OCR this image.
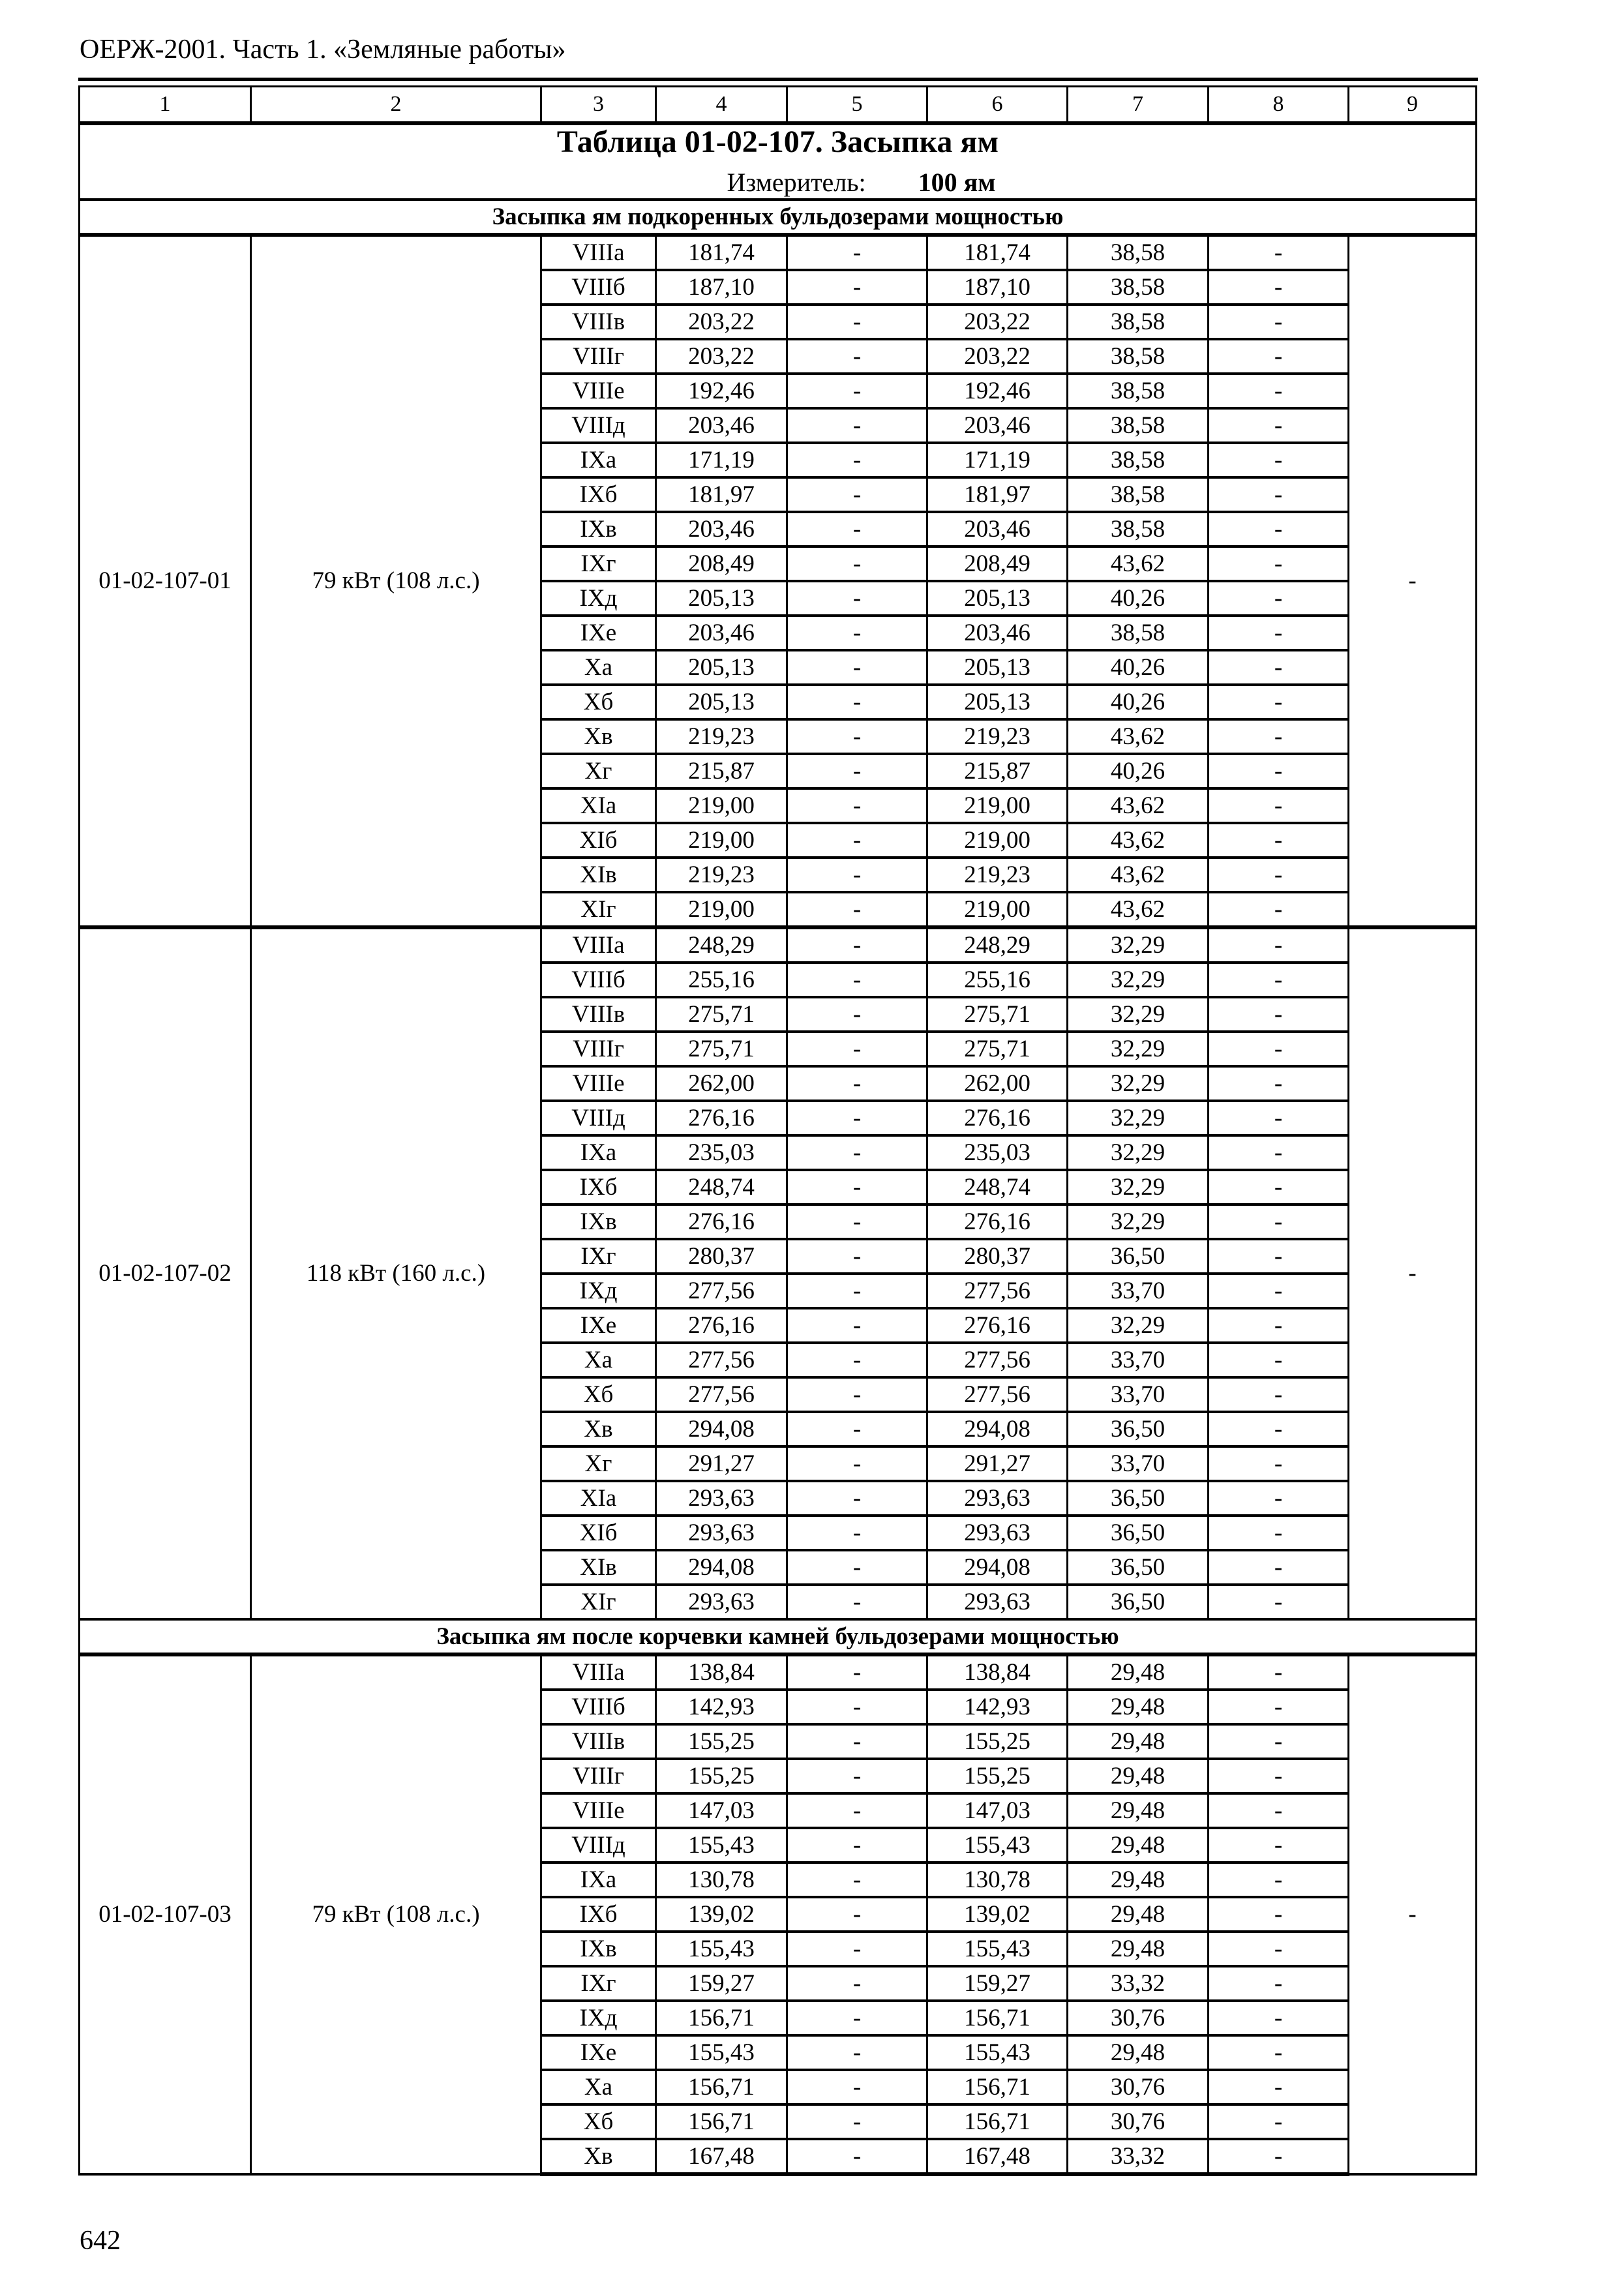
ОЕРЖ-2001. Часть 1. «Земляные работы»
1	2	3	4	5	6	7	8	9

Таблица 01-02-107. Засыпка ям
Измеритель: 100 ям								

Засыпка ям подкоренных бульдозерами мощностью								
01-02-107-01	79 кВт (108 л.с.)	VIIIа	181,74	-	181,74	38,58	-	-
		VIIIб	187,10	-	187,10	38,58	-	
		VIIIв	203,22	-	203,22	38,58	-	
		VIIIг	203,22	-	203,22	38,58	-	
		VIIIе	192,46	-	192,46	38,58	-	
		VIIIд	203,46	-	203,46	38,58	-	
		IXа	171,19	-	171,19	38,58	-	
		IXб	181,97	-	181,97	38,58	-	
		IXв	203,46	-	203,46	38,58	-	
		IXг	208,49	-	208,49	43,62	-	
		IXд	205,13	-	205,13	40,26	-	
		IXе	203,46	-	203,46	38,58	-	
		Xа	205,13	-	205,13	40,26	-	
		Xб	205,13	-	205,13	40,26	-	
		Xв	219,23	-	219,23	43,62	-	
		Xг	215,87	-	215,87	40,26	-	
		XIа	219,00	-	219,00	43,62	-	
		XIб	219,00	-	219,00	43,62	-	
		XIв	219,23	-	219,23	43,62	-	
		XIг	219,00	-	219,00	43,62	-	
01-02-107-02	118 кВт (160 л.с.)	VIIIа	248,29	-	248,29	32,29	-	-
		VIIIб	255,16	-	255,16	32,29	-	
		VIIIв	275,71	-	275,71	32,29	-	
		VIIIг	275,71	-	275,71	32,29	-	
		VIIIе	262,00	-	262,00	32,29	-	
		VIIIд	276,16	-	276,16	32,29	-	
		IXа	235,03	-	235,03	32,29	-	
		IXб	248,74	-	248,74	32,29	-	
		IXв	276,16	-	276,16	32,29	-	
		IXг	280,37	-	280,37	36,50	-	
		IXд	277,56	-	277,56	33,70	-	
		IXе	276,16	-	276,16	32,29	-	
		Xа	277,56	-	277,56	33,70	-	
		Xб	277,56	-	277,56	33,70	-	
		Xв	294,08	-	294,08	36,50	-	
		Xг	291,27	-	291,27	33,70	-	
		XIа	293,63	-	293,63	36,50	-	
		XIб	293,63	-	293,63	36,50	-	
		XIв	294,08	-	294,08	36,50	-	
		XIг	293,63	-	293,63	36,50	-	
Засыпка ям после корчевки камней бульдозерами мощностью								
01-02-107-03	79 кВт (108 л.с.)	VIIIа	138,84	-	138,84	29,48	-	-
		VIIIб	142,93	-	142,93	29,48	-	
		VIIIв	155,25	-	155,25	29,48	-	
		VIIIг	155,25	-	155,25	29,48	-	
		VIIIе	147,03	-	147,03	29,48	-	
		VIIIд	155,43	-	155,43	29,48	-	
		IXа	130,78	-	130,78	29,48	-	
		IXб	139,02	-	139,02	29,48	-	
		IXв	155,43	-	155,43	29,48	-	
		IXг	159,27	-	159,27	33,32	-	
		IXд	156,71	-	156,71	30,76	-	
		IXе	155,43	-	155,43	29,48	-	
		Xа	156,71	-	156,71	30,76	-	
		Xб	156,71	-	156,71	30,76	-	
		Xв	167,48	-	167,48	33,32	-	
642
